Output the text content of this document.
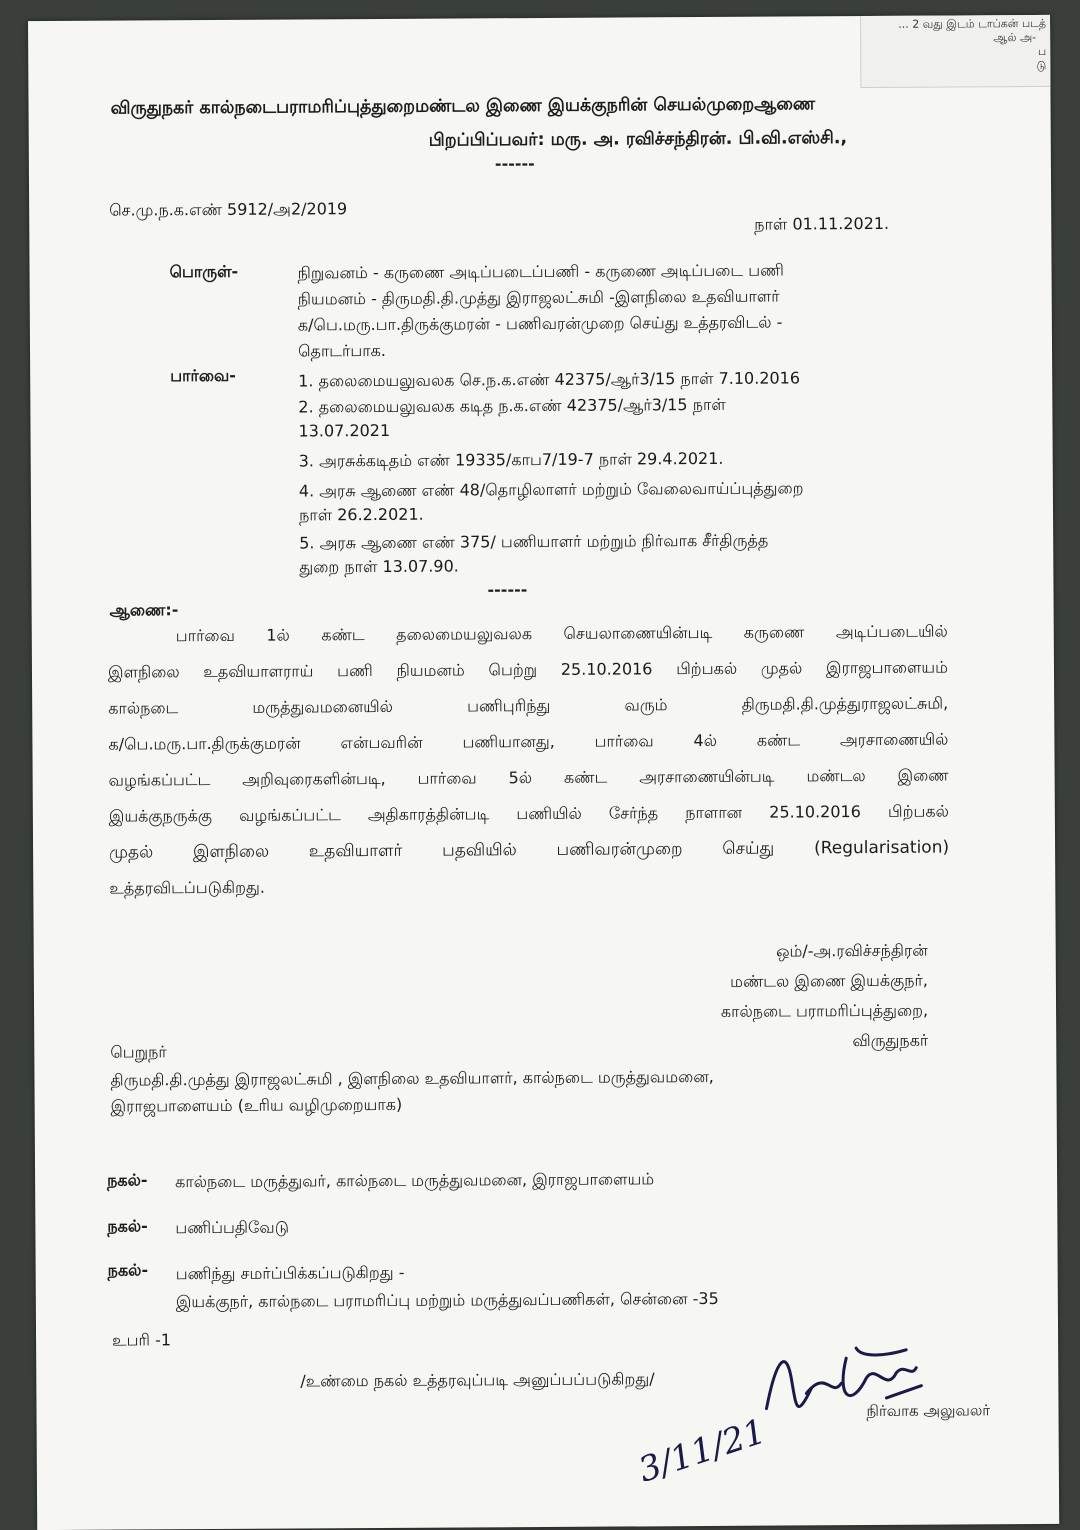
... 2 வது இடம் டாப்கன் படத்
ஆல் அ-
ப
டு
விருதுநகர் கால்நடைபராமரிப்புத்துறைமண்டல இணை இயக்குநரின் செயல்முறைஆணை
பிறப்பிப்பவர்: மரு. அ. ரவிச்சந்திரன். பி.வி.எஸ்சி.,
------
செ.மு.ந.க.எண் 5912/அ2/2019
நாள் 01.11.2021.
பொருள்-	நிறுவனம் - கருணை அடிப்படைப்பணி - கருணை அடிப்படை பணி
நியமனம் - திருமதி.தி.முத்து இராஜலட்சுமி -இளநிலை உதவியாளர்
க/பெ.மரு.பா.திருக்குமரன் - பணிவரன்முறை செய்து உத்தரவிடல் -
தொடர்பாக.
பார்வை-	1. தலைமையலுவலக செ.ந.க.எண் 42375/ஆர்3/15 நாள் 7.10.2016
2. தலைமையலுவலக கடித ந.க.எண் 42375/ஆர்3/15 நாள்
13.07.2021
3. அரசுக்கடிதம் எண் 19335/காப7/19-7 நாள் 29.4.2021.
4. அரசு ஆணை எண் 48/தொழிலாளர் மற்றும் வேலைவாய்ப்புத்துறை
நாள் 26.2.2021.
5. அரசு ஆணை எண் 375/ பணியாளர் மற்றும் நிர்வாக சீர்திருத்த
துறை நாள் 13.07.90.
------
ஆணை:-
பார்வை 1ல் கண்ட தலைமையலுவலக செயலாணையின்படி கருணை அடிப்படையில்
இளநிலை உதவியாளராய் பணி நியமனம் பெற்று 25.10.2016 பிற்பகல் முதல் இராஜபாளையம்
கால்நடை மருத்துவமனையில் பணிபுரிந்து வரும் திருமதி.தி.முத்துராஜலட்சுமி,
க/பெ.மரு.பா.திருக்குமரன் என்பவரின் பணியானது, பார்வை 4ல் கண்ட அரசாணையில்
வழங்கப்பட்ட அறிவுரைகளின்படி, பார்வை 5ல் கண்ட அரசாணையின்படி மண்டல இணை
இயக்குநருக்கு வழங்கப்பட்ட அதிகாரத்தின்படி பணியில் சேர்ந்த நாளான 25.10.2016 பிற்பகல்
முதல் இளநிலை உதவியாளர் பதவியில் பணிவரன்முறை செய்து (Regularisation)
உத்தரவிடப்படுகிறது.
ஒம்/-அ.ரவிச்சந்திரன்
மண்டல இணை இயக்குநர்,
கால்நடை பராமரிப்புத்துறை,
விருதுநகர்
பெறுநர்
திருமதி.தி.முத்து இராஜலட்சுமி , இளநிலை உதவியாளர், கால்நடை மருத்துவமனை,
இராஜபாளையம் (உரிய வழிமுறையாக)
நகல்- கால்நடை மருத்துவர், கால்நடை மருத்துவமனை, இராஜபாளையம்
நகல்- பணிப்பதிவேடு
நகல்- பணிந்து சமர்ப்பிக்கப்படுகிறது -
இயக்குநர், கால்நடை பராமரிப்பு மற்றும் மருத்துவப்பணிகள், சென்னை -35
உபரி -1
/உண்மை நகல் உத்தரவுப்படி அனுப்பப்படுகிறது/
நிர்வாக அலுவலர்
3/11/21
